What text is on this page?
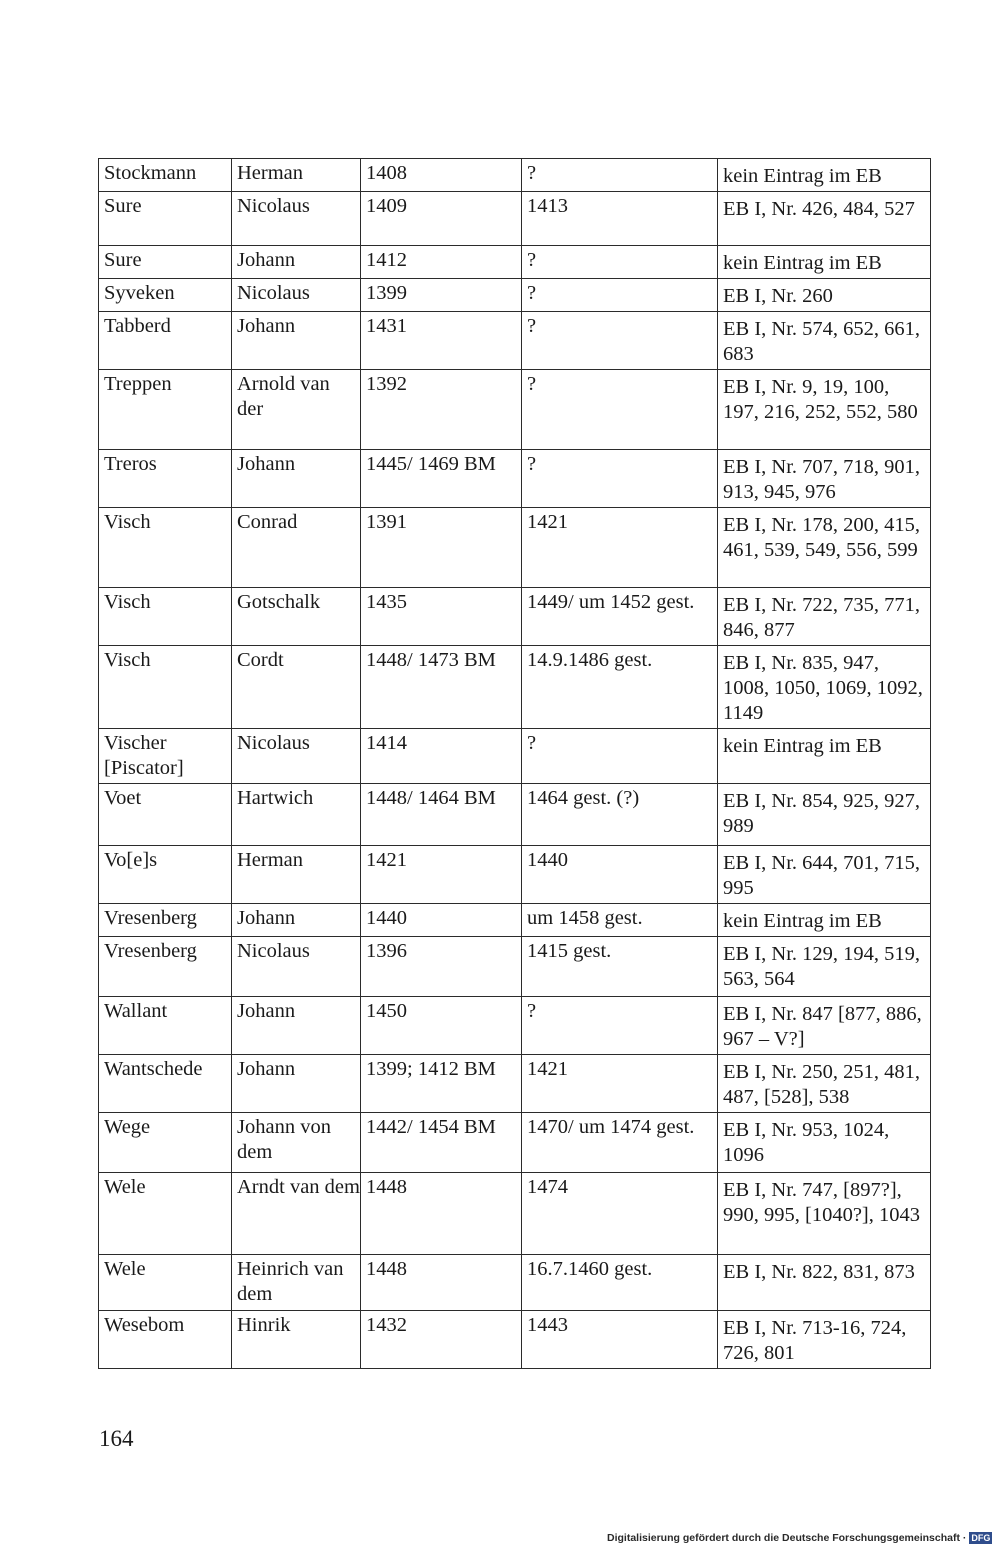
Stockmann	Herman	1408	?	kein Eintrag im EB
Sure	Nicolaus	1409	1413	EB I, Nr. 426, 484, 527
Sure	Johann	1412	?	kein Eintrag im EB
Syveken	Nicolaus	1399	?	EB I, Nr. 260
Tabberd	Johann	1431	?	EB I, Nr. 574, 652, 661, 683
Treppen	Arnold van der	1392	?	EB I, Nr. 9, 19, 100, 197, 216, 252, 552, 580
Treros	Johann	1445/ 1469 BM	?	EB I, Nr. 707, 718, 901, 913, 945, 976
Visch	Conrad	1391	1421	EB I, Nr. 178, 200, 415, 461, 539, 549, 556, 599
Visch	Gotschalk	1435	1449/ um 1452 gest.	EB I, Nr. 722, 735, 771, 846, 877
Visch	Cordt	1448/ 1473 BM	14.9.1486 gest.	EB I, Nr. 835, 947, 1008, 1050, 1069, 1092, 1149
Vischer [Piscator]	Nicolaus	1414	?	kein Eintrag im EB
Voet	Hartwich	1448/ 1464 BM	1464 gest. (?)	EB I, Nr. 854, 925, 927, 989
Vo[e]s	Herman	1421	1440	EB I, Nr. 644, 701, 715, 995
Vresenberg	Johann	1440	um 1458 gest.	kein Eintrag im EB
Vresenberg	Nicolaus	1396	1415 gest.	EB I, Nr. 129, 194, 519, 563, 564
Wallant	Johann	1450	?	EB I, Nr. 847 [877, 886, 967 – V?]
Wantschede	Johann	1399; 1412 BM	1421	EB I, Nr. 250, 251, 481, 487, [528], 538
Wege	Johann von dem	1442/ 1454 BM	1470/ um 1474 gest.	EB I, Nr. 953, 1024, 1096
Wele	Arndt van dem	1448	1474	EB I, Nr. 747, [897?], 990, 995, [1040?], 1043
Wele	Heinrich van dem	1448	16.7.1460 gest.	EB I, Nr. 822, 831, 873
Wesebom	Hinrik	1432	1443	EB I, Nr. 713-16, 724, 726, 801
164
Digitalisierung gefördert durch die Deutsche Forschungsgemeinschaft · DFG
